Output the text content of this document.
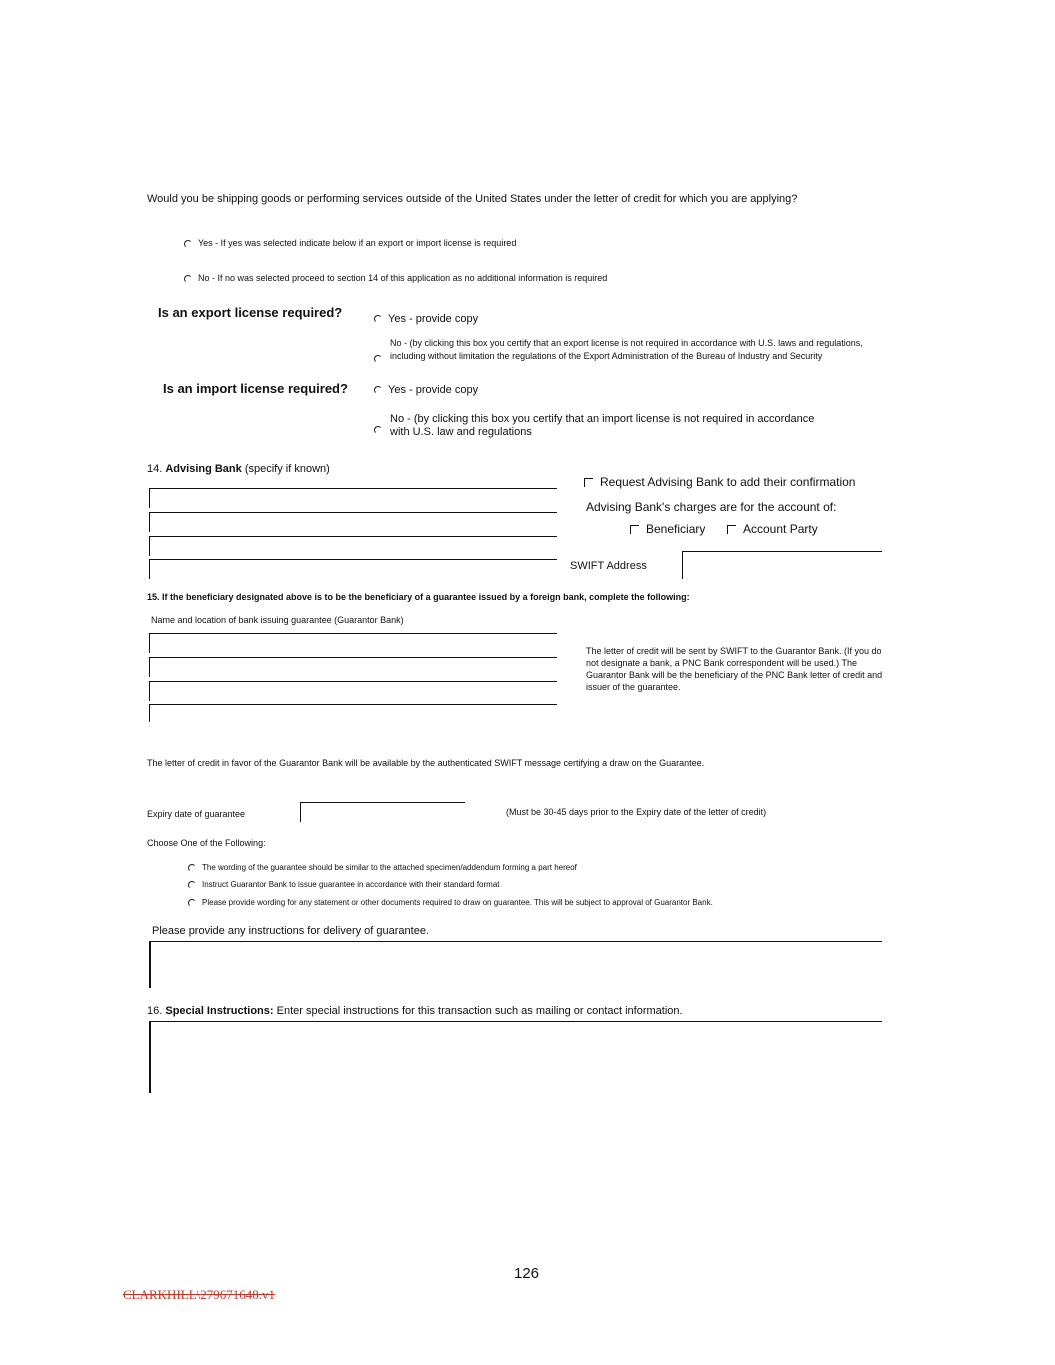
Would you be shipping goods or performing services outside of the United States under the letter of credit for which you are applying?
Yes - If yes was selected indicate below if an export or import license is required
No - If no was selected proceed to section 14 of this application as no additional information is required
Is an export license required?	Yes - provide copy
No - (by clicking this box you certify that an export license is not required in accordance with U.S. laws and regulations, including without limitation the regulations of the Export Administration of the Bureau of Industry and Security
Is an import license required?	Yes - provide copy
No - (by clicking this box you certify that an import license is not required in accordance with U.S. law and regulations
14. Advising Bank (specify if known)
Request Advising Bank to add their confirmation
Advising Bank's charges are for the account of:
Beneficiary	Account Party
SWIFT Address
15. If the beneficiary designated above is to be the beneficiary of a guarantee issued by a foreign bank, complete the following:
Name and location of bank issuing guarantee (Guarantor Bank)
The letter of credit will be sent by SWIFT to the Guarantor Bank. (If you do not designate a bank, a PNC Bank correspondent will be used.) The Guarantor Bank will be the beneficiary of the PNC Bank letter of credit and issuer of the guarantee.
The letter of credit in favor of the Guarantor Bank will be available by the authenticated SWIFT message certifying a draw on the Guarantee.
Expiry date of guarantee	(Must be 30-45 days prior to the Expiry date of the letter of credit)
Choose One of the Following:
The wording of the guarantee should be similar to the attached specimen/addendum forming a part hereof
Instruct Guarantor Bank to issue guarantee in accordance with their standard format
Please provide wording for any statement or other documents required to draw on guarantee. This will be subject to approval of Guarantor Bank.
Please provide any instructions for delivery of guarantee.
16. Special Instructions: Enter special instructions for this transaction such as mailing or contact information.
126
CLARKHILL\279671648.v1
